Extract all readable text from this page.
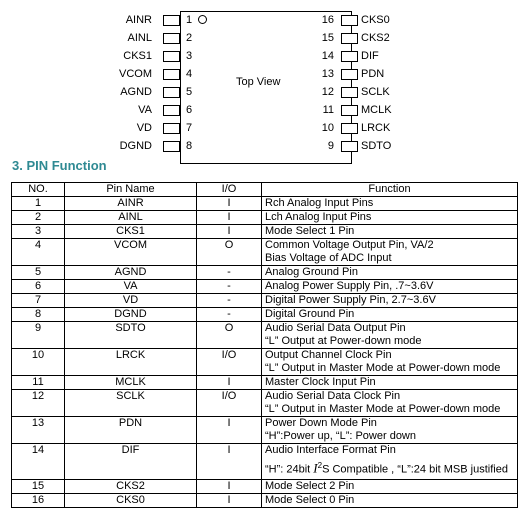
Top View
AINR	1
AINL	2
CKS1	3
VCOM	4
AGND	5
VA	6
VD	7
DGND	8
16 CKS0
15 CKS2
14 DIF
13 PDN
12 SCLK
11 MCLK
10 LRCK
9 SDTO
3. PIN Function
NO.	Pin Name	I/O	Function
1	AINR	I	Rch Analog Input Pins

2	AINL	I	Lch Analog Input Pins

3	CKS1	I	Mode Select 1 Pin

4	VCOM	O	Common Voltage Output Pin, VA/2
Bias Voltage of ADC Input

5	AGND	-	Analog Ground Pin

6	VA	-	Analog Power Supply Pin, .7~3.6V

7	VD	-	Digital Power Supply Pin, 2.7~3.6V

8	DGND	-	Digital Ground Pin

9	SDTO	O	Audio Serial Data Output Pin
“L” Output at Power-down mode

10	LRCK	I/O	Output Channel Clock Pin
“L” Output in Master Mode at Power-down mode

11	MCLK	I	Master Clock Input Pin

12	SCLK	I/O	Audio Serial Data Clock Pin
“L” Output in Master Mode at Power-down mode

13	PDN	I	Power Down Mode Pin
“H”:Power up, “L”: Power down

14	DIF	I	Audio Interface Format Pin
“H”: 24bit $I^2S$ Compatible , “L”:24 bit MSB justified

15	CKS2	I	Mode Select 2 Pin

16	CKS0	I	Mode Select 0 Pin
